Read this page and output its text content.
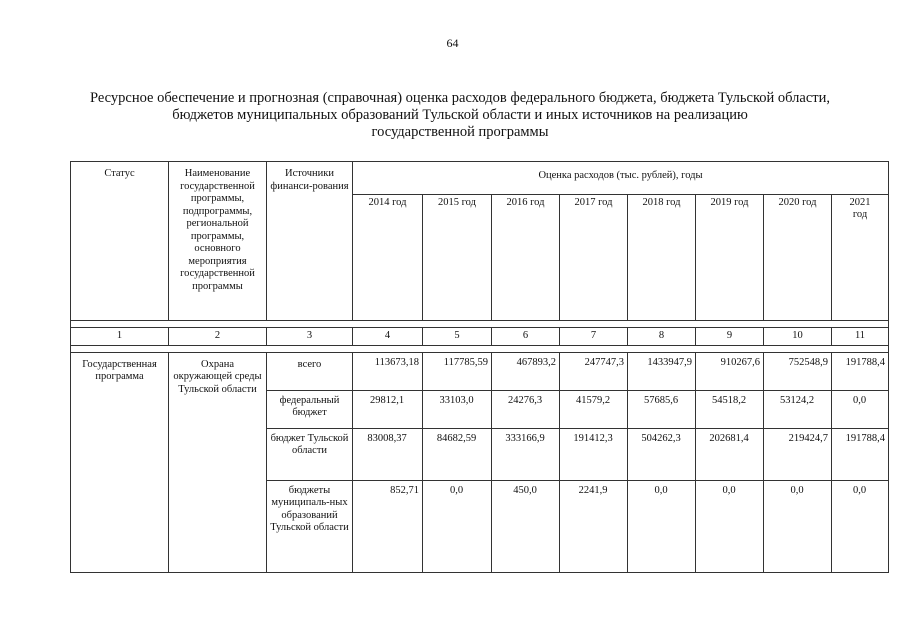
64
Ресурсное обеспечение и прогнозная (справочная) оценка расходов федерального бюджета, бюджета Тульской области,
бюджетов муниципальных образований Тульской области и иных источников на реализацию
государственной программы
Статус	Наименование государственной программы, подпрограммы, региональной программы, основного мероприятия государственной программы	Источники финанси-рования	Оценка расходов (тыс. рублей), годы							
			2014 год	2015 год	2016 год	2017 год	2018 год	2019 год	2020 год	2021 год

1	2	3	4	5	6	7	8	9	10	11

Государственная программа	Охрана окружающей среды Тульской области	всего	113673,18	117785,59	467893,2	247747,3	1433947,9	910267,6	752548,9	191788,4
		федеральный бюджет	29812,1	33103,0	24276,3	41579,2	57685,6	54518,2	53124,2	0,0
		бюджет Тульской области	83008,37	84682,59	333166,9	191412,3	504262,3	202681,4	219424,7	191788,4
		бюджеты муниципаль-ных образований Тульской области	852,71	0,0	450,0	2241,9	0,0	0,0	0,0	0,0
